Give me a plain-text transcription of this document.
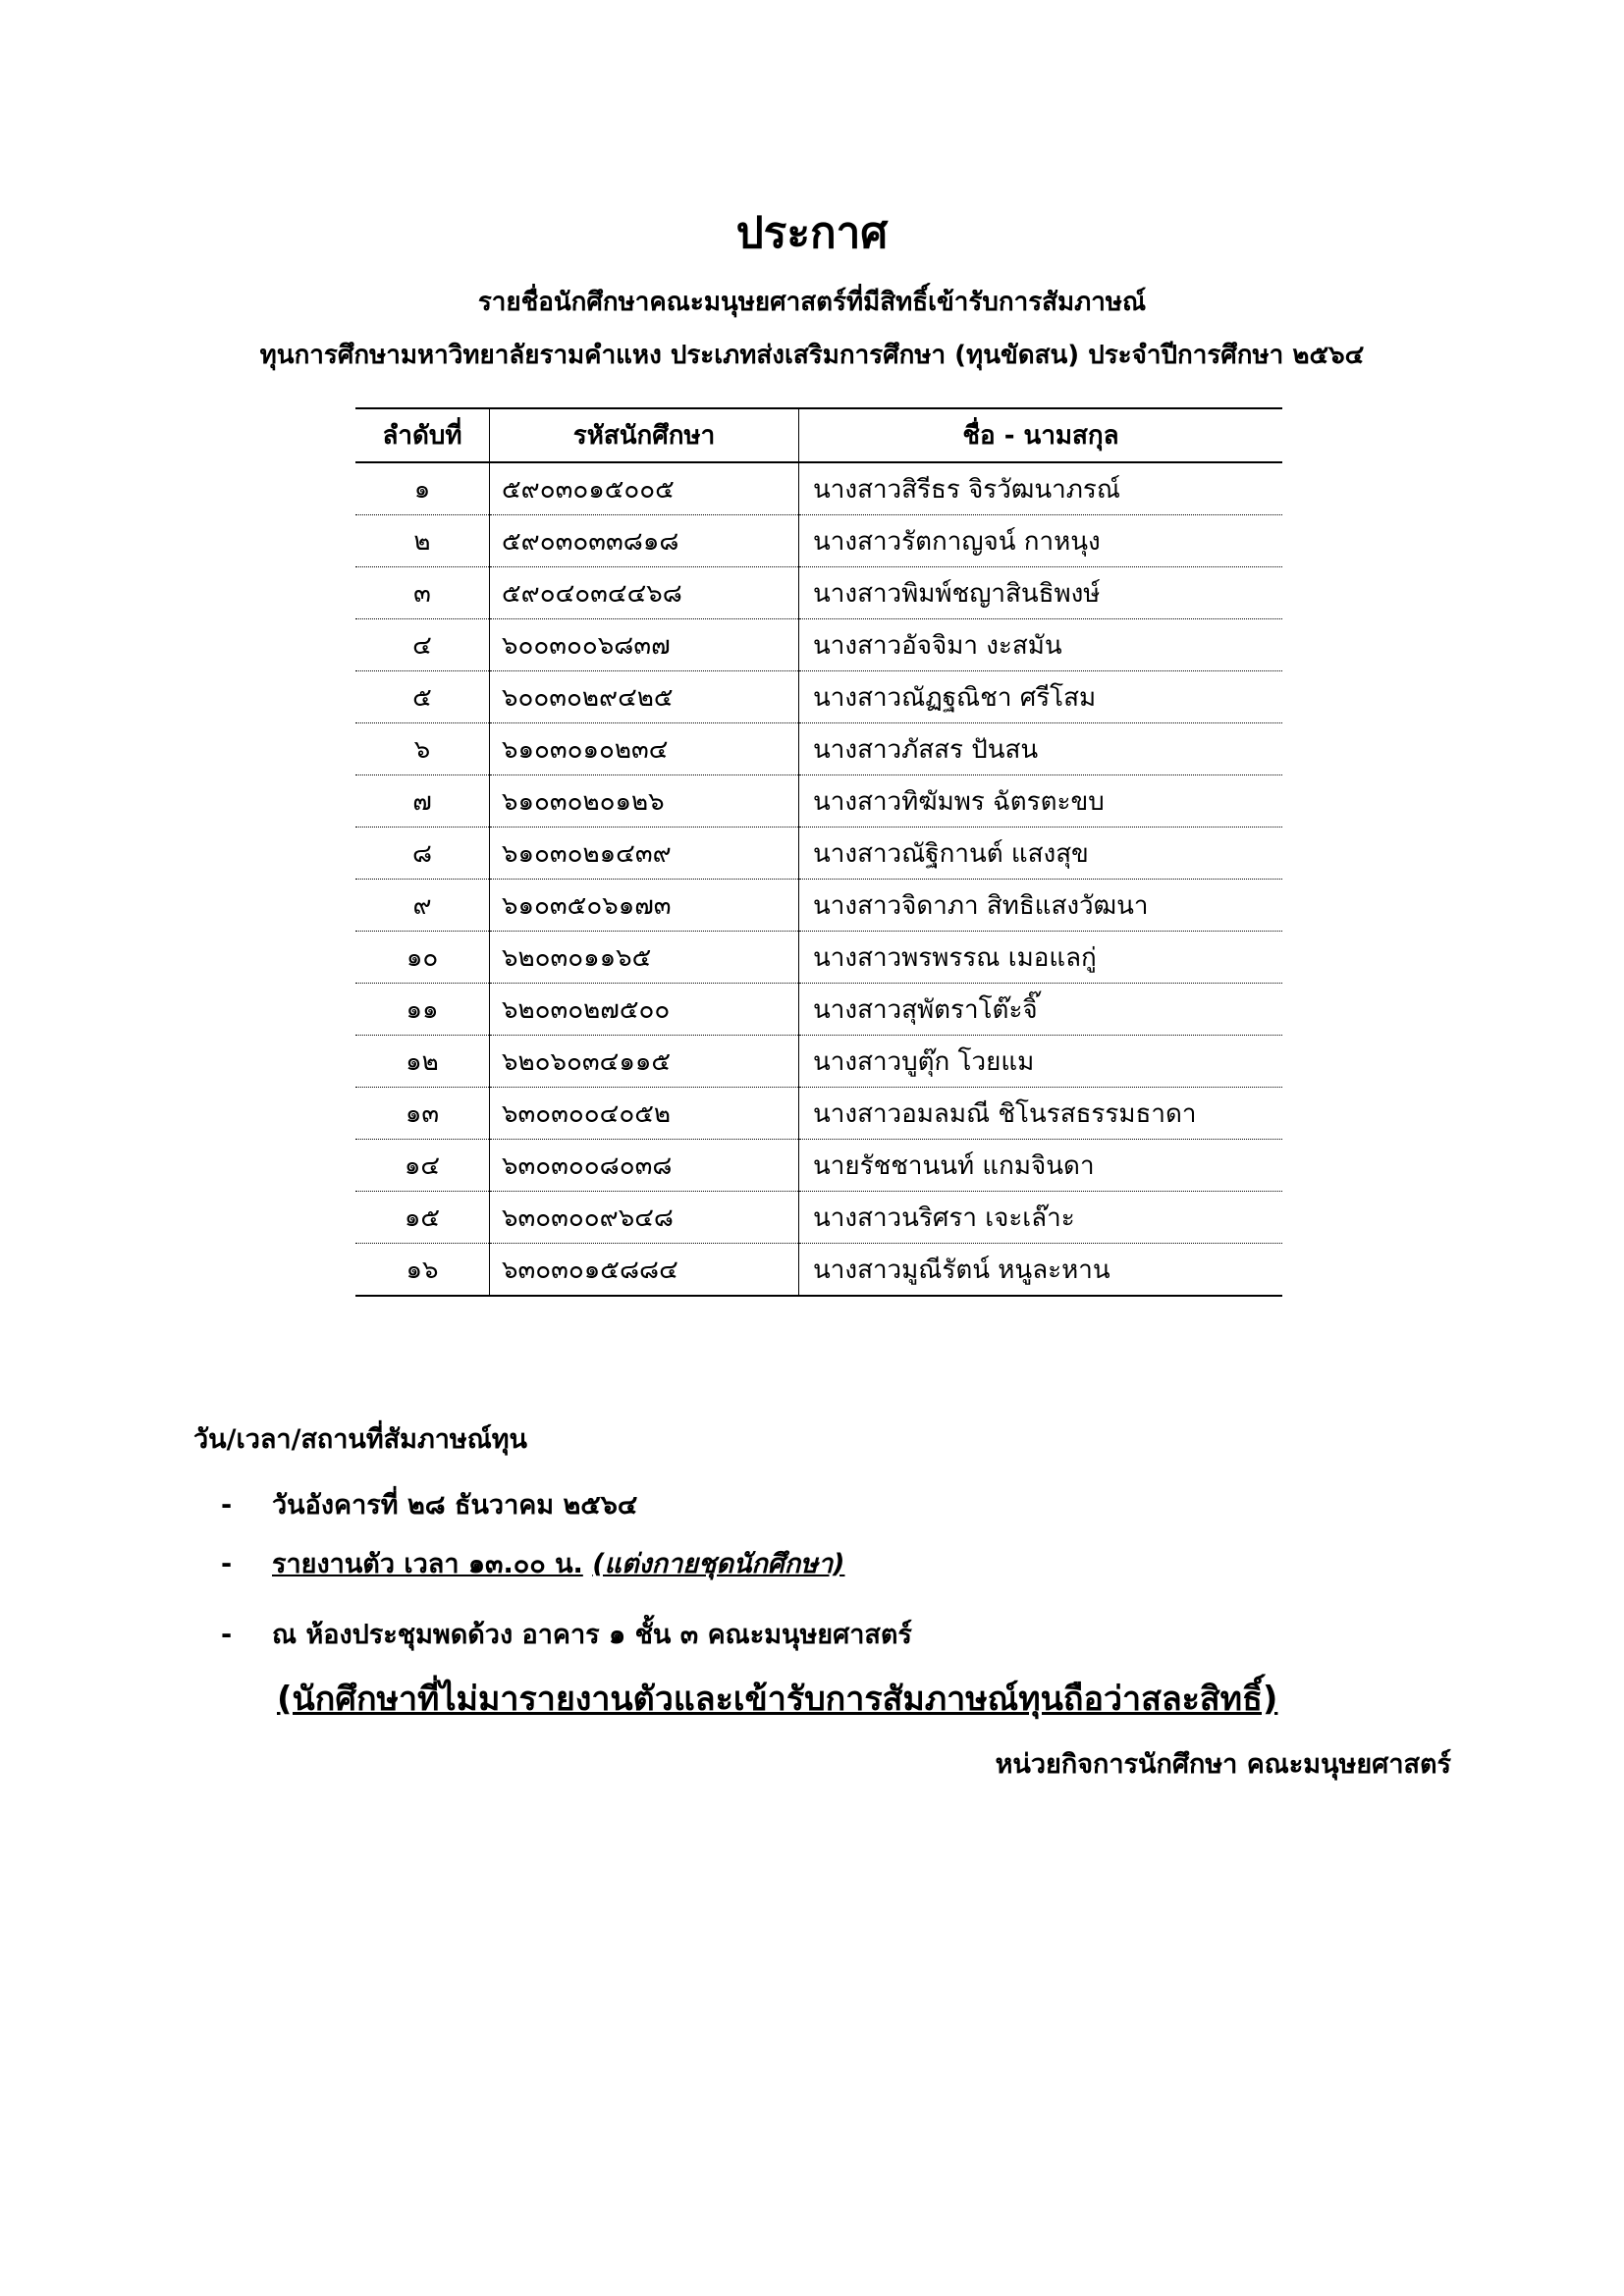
ประกาศ
รายชื่อนักศึกษาคณะมนุษยศาสตร์ที่มีสิทธิ์เข้ารับการสัมภาษณ์
ทุนการศึกษามหาวิทยาลัยรามคำแหง ประเภทส่งเสริมการศึกษา (ทุนขัดสน) ประจำปีการศึกษา ๒๕๖๔
ลำดับที่	รหัสนักศึกษา	ชื่อ - นามสกุล
๑	๕๙๐๓๐๑๕๐๐๕	นางสาวสิรีธร จิรวัฒนาภรณ์
๒	๕๙๐๓๐๓๓๘๑๘	นางสาวรัตกาญจน์ กาหนุง
๓	๕๙๐๔๐๓๔๔๖๘	นางสาวพิมพ์ชญาสินธิพงษ์
๔	๖๐๐๓๐๐๖๘๓๗	นางสาวอัจจิมา งะสมัน
๕	๖๐๐๓๐๒๙๔๒๕	นางสาวณัฏฐณิชา ศรีโสม
๖	๖๑๐๓๐๑๐๒๓๔	นางสาวภัสสร ปันสน
๗	๖๑๐๓๐๒๐๑๒๖	นางสาวทิฆัมพร ฉัตรตะขบ
๘	๖๑๐๓๐๒๑๔๓๙	นางสาวณัฐิกานต์ แสงสุข
๙	๖๑๐๓๕๐๖๑๗๓	นางสาวจิดาภา สิทธิแสงวัฒนา
๑๐	๖๒๐๓๐๑๑๖๕	นางสาวพรพรรณ เมอแลกู่
๑๑	๖๒๐๓๐๒๗๕๐๐	นางสาวสุพัตราโต๊ะจิ๊
๑๒	๖๒๐๖๐๓๔๑๑๕	นางสาวบูตุ๊ก โวยแม
๑๓	๖๓๐๓๐๐๔๐๕๒	นางสาวอมลมณี ชิโนรสธรรมธาดา
๑๔	๖๓๐๓๐๐๘๐๓๘	นายรัชชานนท์ แกมจินดา
๑๕	๖๓๐๓๐๐๙๖๔๘	นางสาวนริศรา เจะเล๊าะ
๑๖	๖๓๐๓๐๑๕๘๘๔	นางสาวมูณีรัตน์ หนูละหาน
วัน/เวลา/สถานที่สัมภาษณ์ทุน
- วันอังคารที่ ๒๘ ธันวาคม ๒๕๖๔
- รายงานตัว เวลา ๑๓.๐๐ น. (แต่งกายชุดนักศึกษา)
- ณ ห้องประชุมพดด้วง อาคาร ๑ ชั้น ๓ คณะมนุษยศาสตร์
(นักศึกษาที่ไม่มารายงานตัวและเข้ารับการสัมภาษณ์ทุนถือว่าสละสิทธิ์)
หน่วยกิจการนักศึกษา คณะมนุษยศาสตร์
